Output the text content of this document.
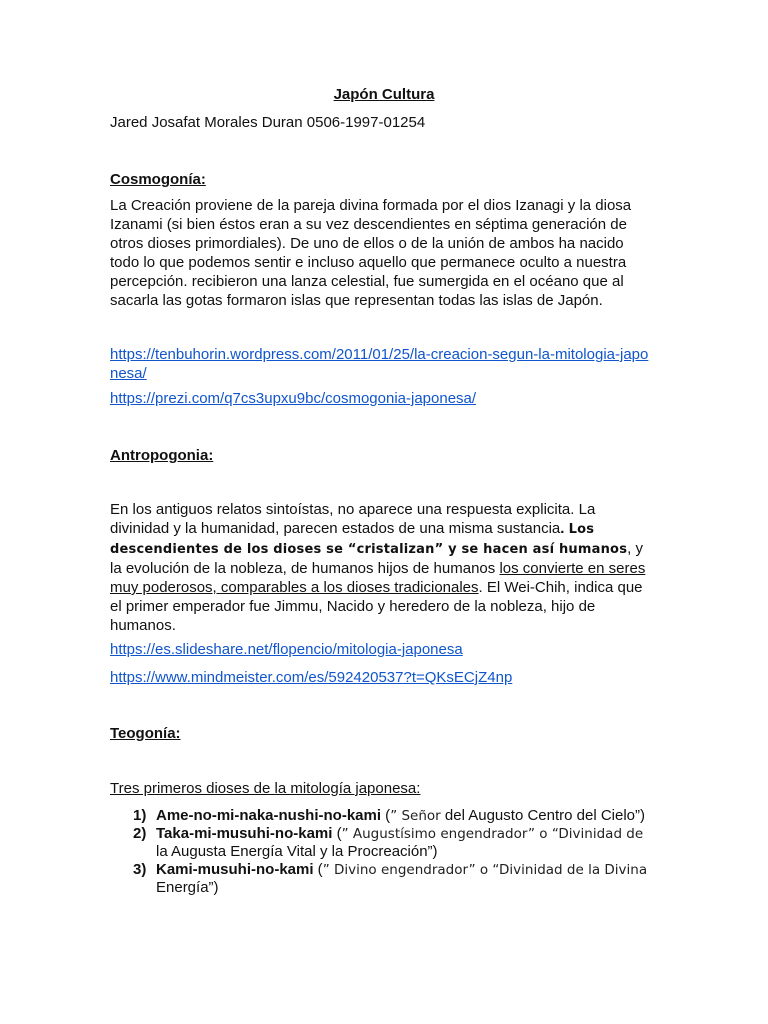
Japón Cultura
Jared Josafat Morales Duran 0506-1997-01254
Cosmogonía:
La Creación proviene de la pareja divina formada por el dios Izanagi y la diosa Izanami (si bien éstos eran a su vez descendientes en séptima generación de otros dioses primordiales). De uno de ellos o de la unión de ambos ha nacido todo lo que podemos sentir e incluso aquello que permanece oculto a nuestra percepción. recibieron una lanza celestial, fue sumergida en el océano que al sacarla las gotas formaron islas que representan todas las islas de Japón.
https://tenbuhorin.wordpress.com/2011/01/25/la-creacion-segun-la-mitologia-japonesa/
https://prezi.com/q7cs3upxu9bc/cosmogonia-japonesa/
Antropogonia:
En los antiguos relatos sintoístas, no aparece una respuesta explicita. La divinidad y la humanidad, parecen estados de una misma sustancia. Los descendientes de los dioses se “cristalizan” y se hacen así humanos, y la evolución de la nobleza, de humanos hijos de humanos los convierte en seres muy poderosos, comparables a los dioses tradicionales. El Wei-Chih, indica que el primer emperador fue Jimmu, Nacido y heredero de la nobleza, hijo de humanos.
https://es.slideshare.net/flopencio/mitologia-japonesa
https://www.mindmeister.com/es/592420537?t=QKsECjZ4np
Teogonía:
Tres primeros dioses de la mitología japonesa:
1) Ame-no-mi-naka-nushi-no-kami (” Señor del Augusto Centro del Cielo”)
2) Taka-mi-musuhi-no-kami (” Augustísimo engendrador” o “Divinidad de la Augusta Energía Vital y la Procreación”)
3) Kami-musuhi-no-kami (” Divino engendrador” o “Divinidad de la Divina Energía”)
